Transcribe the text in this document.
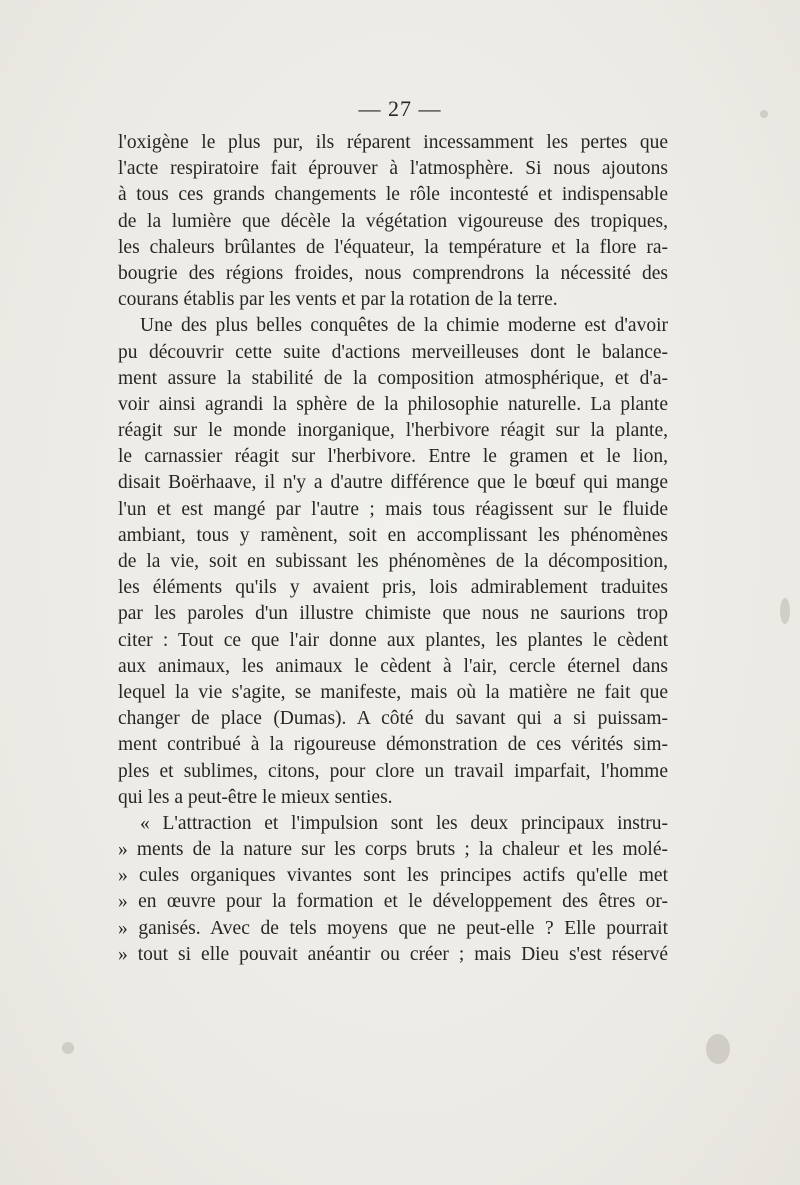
— 27 —
l'oxigène le plus pur, ils réparent incessamment les pertes que
l'acte respiratoire fait éprouver à l'atmosphère. Si nous ajoutons
à tous ces grands changements le rôle incontesté et indispensable
de la lumière que décèle la végétation vigoureuse des tropiques,
les chaleurs brûlantes de l'équateur, la température et la flore ra-
bougrie des régions froides, nous comprendrons la nécessité des
courans établis par les vents et par la rotation de la terre.
Une des plus belles conquêtes de la chimie moderne est d'avoir
pu découvrir cette suite d'actions merveilleuses dont le balance-
ment assure la stabilité de la composition atmosphérique, et d'a-
voir ainsi agrandi la sphère de la philosophie naturelle. La plante
réagit sur le monde inorganique, l'herbivore réagit sur la plante,
le carnassier réagit sur l'herbivore. Entre le gramen et le lion,
disait Boërhaave, il n'y a d'autre différence que le bœuf qui mange
l'un et est mangé par l'autre ; mais tous réagissent sur le fluide
ambiant, tous y ramènent, soit en accomplissant les phénomènes
de la vie, soit en subissant les phénomènes de la décomposition,
les éléments qu'ils y avaient pris, lois admirablement traduites
par les paroles d'un illustre chimiste que nous ne saurions trop
citer : Tout ce que l'air donne aux plantes, les plantes le cèdent
aux animaux, les animaux le cèdent à l'air, cercle éternel dans
lequel la vie s'agite, se manifeste, mais où la matière ne fait que
changer de place (Dumas). A côté du savant qui a si puissam-
ment contribué à la rigoureuse démonstration de ces vérités sim-
ples et sublimes, citons, pour clore un travail imparfait, l'homme
qui les a peut-être le mieux senties.
« L'attraction et l'impulsion sont les deux principaux instru-
» ments de la nature sur les corps bruts ; la chaleur et les molé-
» cules organiques vivantes sont les principes actifs qu'elle met
» en œuvre pour la formation et le développement des êtres or-
» ganisés. Avec de tels moyens que ne peut-elle ? Elle pourrait
» tout si elle pouvait anéantir ou créer ; mais Dieu s'est réservé
